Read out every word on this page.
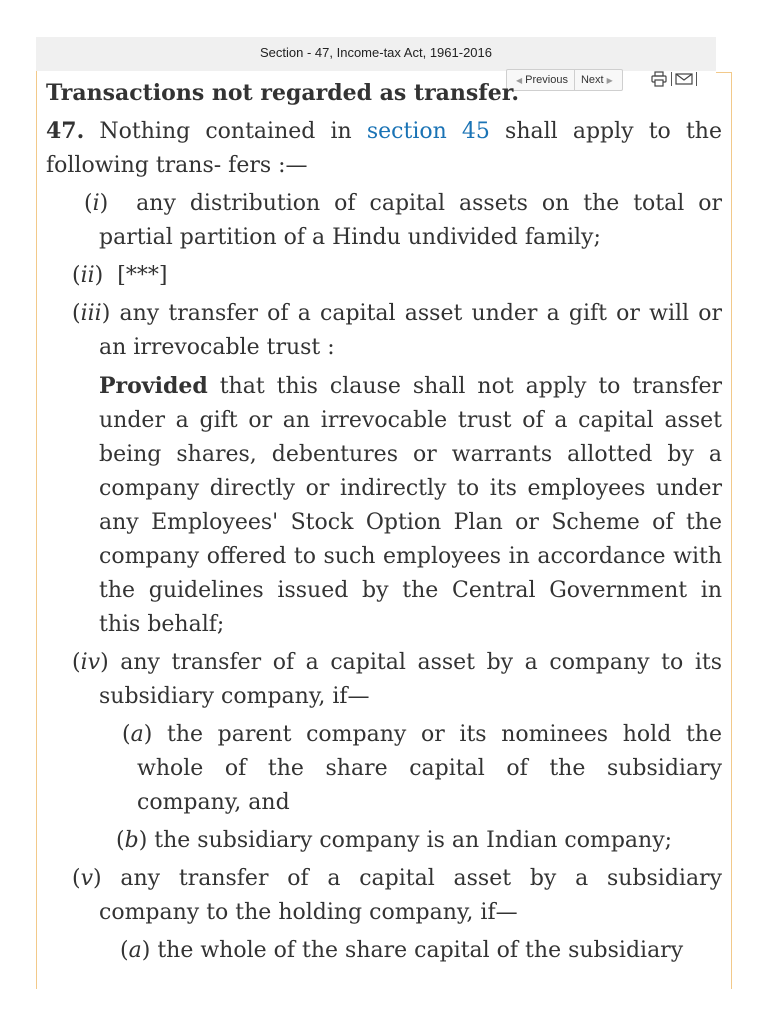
Section - 47, Income-tax Act, 1961-2016
◀ Previous Next ▶

Transactions not regarded as transfer.

47. Nothing contained in section 45 shall apply to the following trans- fers :—

(i) any distribution of capital assets on the total or partial partition of a Hindu undivided family;

(ii) [***]

(iii) any transfer of a capital asset under a gift or will or an irrevocable trust :

Provided that this clause shall not apply to transfer under a gift or an irrevocable trust of a capital asset being shares, debentures or warrants allotted by a company directly or indirectly to its employees under any Employees' Stock Option Plan or Scheme of the company offered to such employees in accordance with the guidelines issued by the Central Government in this behalf;

(iv) any transfer of a capital asset by a company to its subsidiary company, if—

(a) the parent company or its nominees hold the whole of the share capital of the subsidiary company, and

(b) the subsidiary company is an Indian company;

(v) any transfer of a capital asset by a subsidiary company to the holding company, if—

(a) the whole of the share capital of the subsidiary
